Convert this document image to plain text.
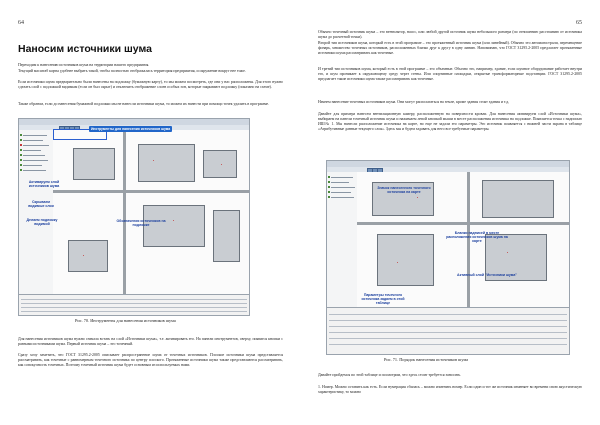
64
Наносим источники шума

Переходим к нанесению источников шума на территории нашего предприятия.

Текущий масштаб карты удобнее выбрать такой, чтобы полностью отображалась территория предприятия, и окружение вокруг нее тоже.

Если источники шума предварительно были нанесены на подложку (бумажную карту), то мы можем посмотреть, где они у нас расположены. Для этого нужно сделать слой с подложкой видимым (если он был скрыт) и отключить отображение слоев особых зон, которые закрывают подложку (показано на схеме).

Также обратим, если до нанесения бумажной подложки мы не нанесли источники шума, то можем их нанести при помощи точек удалить в программе.

Инструменты для нанесения источников шума
Активируем слой источников шума
Скрываем видимые слои
Делаем подложку видимой
Обозначения источников на подложке

Рис. 70. Инструменты для нанесения источников шума

Для нанесения источников шума нужно сначала встать на слой «Источники шума», т.е. активировать его. На панели инструментов, сверху, появятся кнопки с разными источниками шума. Первый источник шума – это точечный.

Сразу хочу заметить, что ГОСТ 31295.2-2005 описывает распространение шума от точечных источников. Плоские источники шума представляется рассматривать, как точечные с равномерным точечного источника по центру плоского. Протяженные источники шума также представляются рассматривать, как совокупность точечных. Поэтому точечный источник шума будет основным из используемых нами.

65

Обычно точечный источник шума – это вентилятор, насос, или любой другой источник шума небольшого размера (по отношению расстоянию от источника шума до расчетной точки).

Второй тип источников шума, который есть в этой программе – это протяженный источник шума (или линейный). Обычно это автомагистрали, перемещение фонарь, множество точечных источников, расположенных близко друг к другу в одну линию. Напоминаю, что ГОСТ 31295.2-2005 предлагает протяженные источники шума рассматривать как точечные.

И третий тип источников шума, который есть в этой программе – это объемные. Обычно это, например, здание, если шумное оборудование работает внутри его, и шум проникает к окружающему среду через стены. Или спортивные площадки, открытые трансформаторные подстанции. ГОСТ 31295.2-2005 предлагает такие источники шума также рассматривать как точечные.

Начнем нанесение точечных источников шума. Они могут располагаться на земле, кроме здания стоят здания и т.д.

Давайте для примера нанесем вентиляционную камеру, расположенную на поверхности кровли. Для нанесения активируем слой «Источники шума», выбираем на панели точечный источник шума и нажимаем левой кнопкой мыши в месте расположения источника на подложке. Появляется точка с надписью ИШ№ 1. Мы нанесли расположение источника на карте, но еще не задали его параметры. Это источник появляется с нижней части экрана в таблице «Атрибутивные данные текущего слоя». Здесь мы и будем задавать для него все требуемые параметры.

Значок нанесенного точечного источника на карте
Бланки надписей в месте расположения источников шума на карте
Параметры точечного источника задаем в этой таблице
Активный слой "Источники шума"

Рис. 71. Порядок нанесения источников шума

Давайте пройдемся по этой таблице и посмотрим, что здесь стоит требуется заносить.

1. Номер. Можно оставить как есть. Если нумерация сбилась – можно изменить номер. Если один и тот же источник изменяет во времени свою акустическую характеристику, то можно
